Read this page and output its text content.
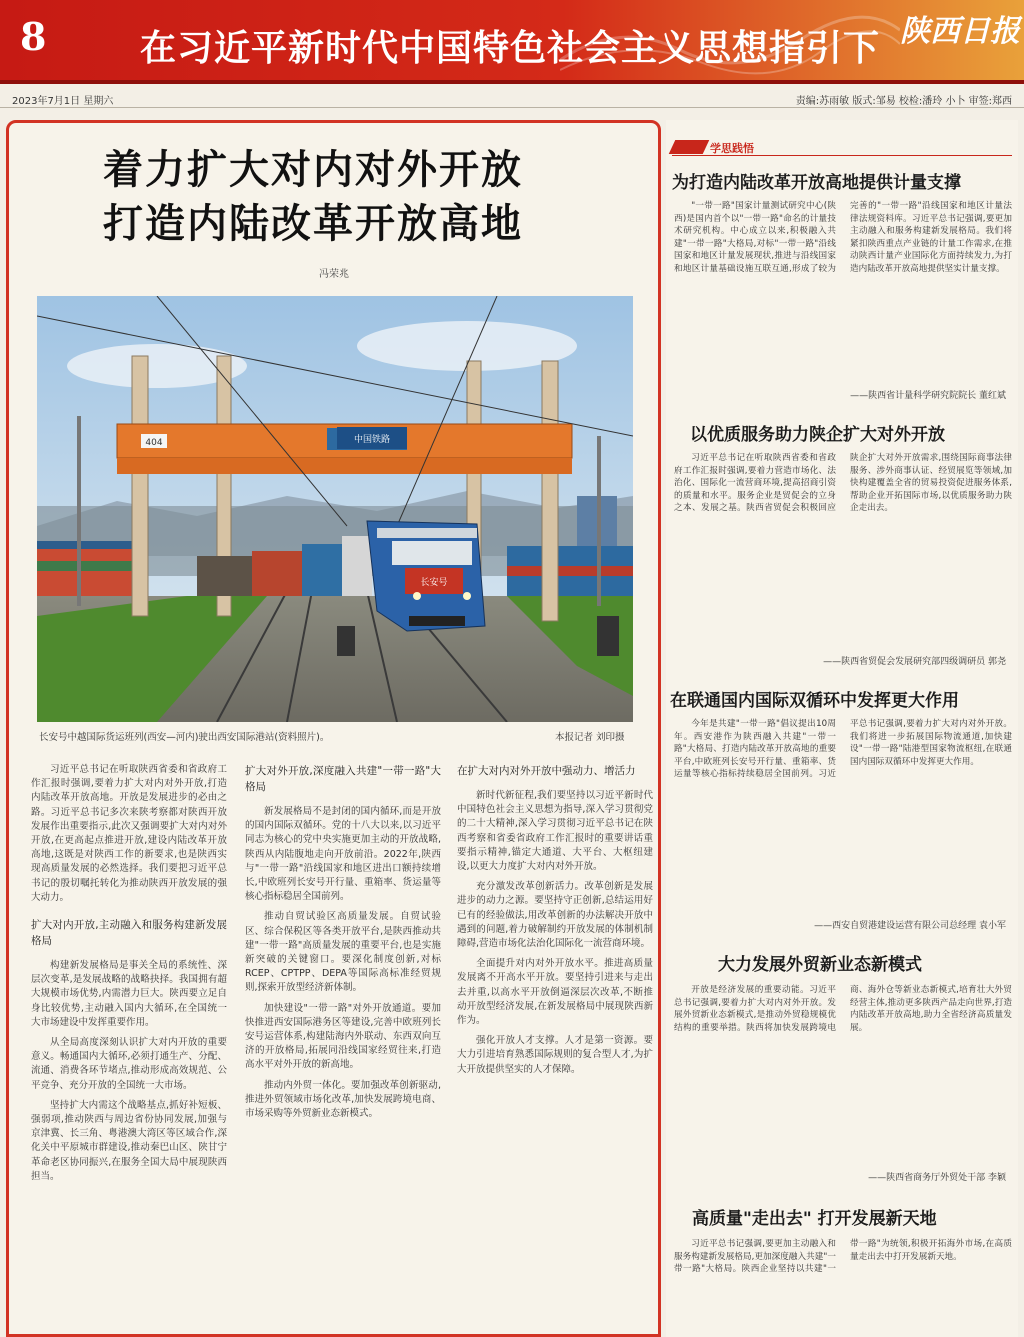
8	在习近平新时代中国特色社会主义思想指引下 陕西日报
2023年7月1日 星期六	责编:苏雨敏 版式:邹易 校检:潘玲 小卜 审签:郑西
着力扩大对内对外开放
打造内陆改革开放高地
冯荣兆
404
长安号
中国铁路
长安号中越国际货运班列(西安—河内)驶出西安国际港站(资料照片)。	本报记者 刘印摄

习近平总书记在听取陕西省委和省政府工作汇报时强调,要着力扩大对内对外开放,打造内陆改革开放高地。开放是发展进步的必由之路。习近平总书记多次来陕考察都对陕西开放发展作出重要指示,此次又强调要扩大对内对外开放,在更高起点推进开放,建设内陆改革开放高地,这既是对陕西工作的新要求,也是陕西实现高质量发展的必然选择。我们要把习近平总书记的殷切嘱托转化为推动陕西开放发展的强大动力。

扩大对内开放,主动融入和服务构建新发展格局

构建新发展格局是事关全局的系统性、深层次变革,是发展战略的战略抉择。我国拥有超大规模市场优势,内需潜力巨大。陕西要立足自身比较优势,主动融入国内大循环,在全国统一大市场建设中发挥重要作用。

从全局高度深刻认识扩大对内开放的重要意义。畅通国内大循环,必须打通生产、分配、流通、消费各环节堵点,推动形成高效规范、公平竞争、充分开放的全国统一大市场。

坚持扩大内需这个战略基点,抓好补短板、强弱项,推动陕西与周边省份协同发展,加强与京津冀、长三角、粤港澳大湾区等区域合作,深化关中平原城市群建设,推动秦巴山区、陕甘宁革命老区协同振兴,在服务全国大局中展现陕西担当。

扩大对外开放,深度融入共建"一带一路"大格局

新发展格局不是封闭的国内循环,而是开放的国内国际双循环。党的十八大以来,以习近平同志为核心的党中央实施更加主动的开放战略,陕西从内陆腹地走向开放前沿。2022年,陕西与"一带一路"沿线国家和地区进出口额持续增长,中欧班列长安号开行量、重箱率、货运量等核心指标稳居全国前列。

推动自贸试验区高质量发展。自贸试验区、综合保税区等各类开放平台,是陕西推动共建"一带一路"高质量发展的重要平台,也是实施新突破的关键窗口。要深化制度创新,对标RCEP、CPTPP、DEPA等国际高标准经贸规则,探索开放型经济新体制。

加快建设"一带一路"对外开放通道。要加快推进西安国际港务区等建设,完善中欧班列长安号运营体系,构建陆海内外联动、东西双向互济的开放格局,拓展同沿线国家经贸往来,打造高水平对外开放的新高地。

推动内外贸一体化。要加强改革创新驱动,推进外贸领域市场化改革,加快发展跨境电商、市场采购等外贸新业态新模式。

在扩大对内对外开放中强动力、增活力

新时代新征程,我们要坚持以习近平新时代中国特色社会主义思想为指导,深入学习贯彻党的二十大精神,深入学习贯彻习近平总书记在陕西考察和省委省政府工作汇报时的重要讲话重要指示精神,锚定大通道、大平台、大枢纽建设,以更大力度扩大对内对外开放。

充分激发改革创新活力。改革创新是发展进步的动力之源。要坚持守正创新,总结运用好已有的经验做法,用改革创新的办法解决开放中遇到的问题,着力破解制约开放发展的体制机制障碍,营造市场化法治化国际化一流营商环境。

全面提升对内对外开放水平。推进高质量发展离不开高水平开放。要坚持引进来与走出去并重,以高水平开放倒逼深层次改革,不断推动开放型经济发展,在新发展格局中展现陕西新作为。

强化开放人才支撑。人才是第一资源。要大力引进培育熟悉国际规则的复合型人才,为扩大开放提供坚实的人才保障。

学思践悟
为打造内陆改革开放高地提供计量支撑

"一带一路"国家计量测试研究中心(陕西)是国内首个以"一带一路"命名的计量技术研究机构。中心成立以来,积极融入共建"一带一路"大格局,对标"一带一路"沿线国家和地区计量发展现状,推进与沿线国家和地区计量基础设施互联互通,形成了较为完善的"一带一路"沿线国家和地区计量法律法规资料库。习近平总书记强调,要更加主动融入和服务构建新发展格局。我们将紧扣陕西重点产业链的计量工作需求,在推动陕西计量产业国际化方面持续发力,为打造内陆改革开放高地提供坚实计量支撑。

——陕西省计量科学研究院院长 董红斌
以优质服务助力陕企扩大对外开放

习近平总书记在听取陕西省委和省政府工作汇报时强调,要着力营造市场化、法治化、国际化一流营商环境,提高招商引资的质量和水平。服务企业是贸促会的立身之本、发展之基。陕西省贸促会积极回应陕企扩大对外开放需求,围绕国际商事法律服务、涉外商事认证、经贸展览等领域,加快构建覆盖全省的贸易投资促进服务体系,帮助企业开拓国际市场,以优质服务助力陕企走出去。

——陕西省贸促会发展研究部四级调研员 郭尧
在联通国内国际双循环中发挥更大作用

今年是共建"一带一路"倡议提出10周年。西安港作为陕西融入共建"一带一路"大格局、打造内陆改革开放高地的重要平台,中欧班列长安号开行量、重箱率、货运量等核心指标持续稳居全国前列。习近平总书记强调,要着力扩大对内对外开放。我们将进一步拓展国际物流通道,加快建设"一带一路"陆港型国家物流枢纽,在联通国内国际双循环中发挥更大作用。

——西安自贸港建设运营有限公司总经理 袁小军
大力发展外贸新业态新模式

开放是经济发展的重要动能。习近平总书记强调,要着力扩大对内对外开放。发展外贸新业态新模式,是推动外贸稳规模优结构的重要举措。陕西将加快发展跨境电商、海外仓等新业态新模式,培育壮大外贸经营主体,推动更多陕西产品走向世界,打造内陆改革开放高地,助力全省经济高质量发展。

——陕西省商务厅外贸处干部 李颖
高质量"走出去" 打开发展新天地

习近平总书记强调,要更加主动融入和服务构建新发展格局,更加深度融入共建"一带一路"大格局。陕西企业坚持以共建"一带一路"为统领,积极开拓海外市场,在高质量走出去中打开发展新天地。
